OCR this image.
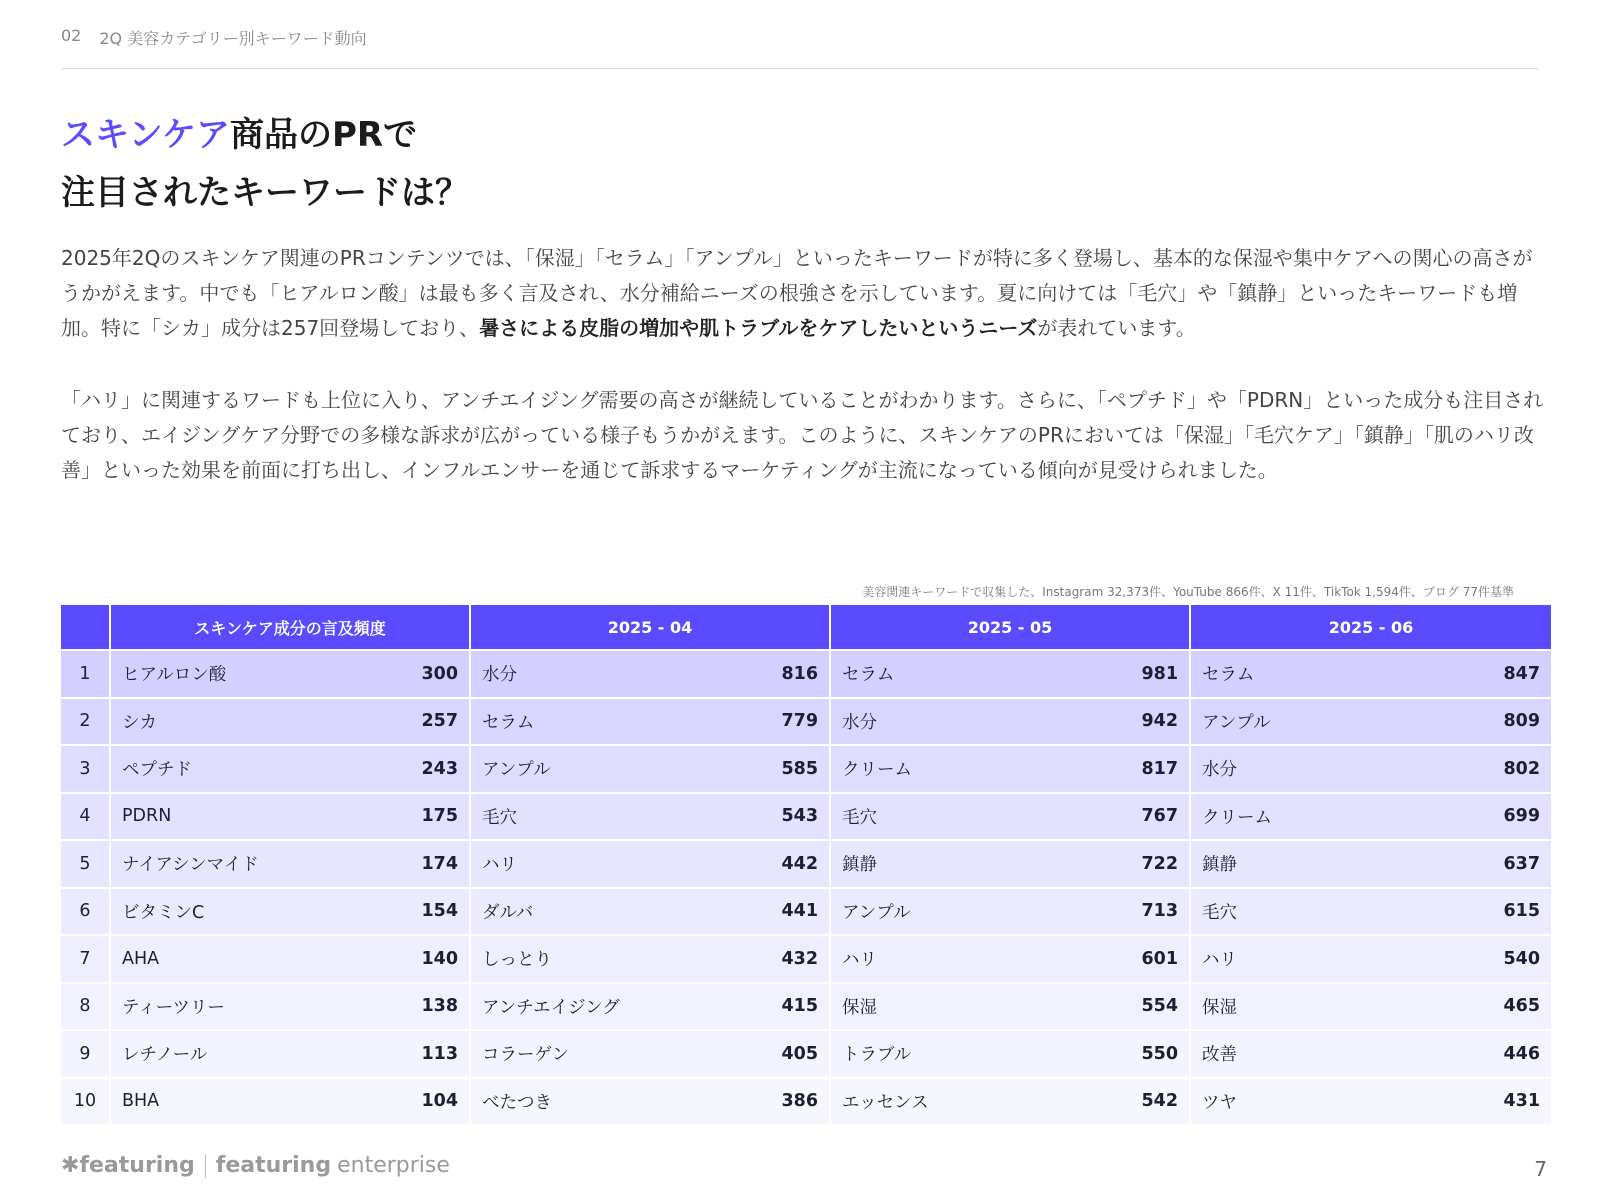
02 2Q 美容カテゴリー別キーワード動向
スキンケア商品のPRで
注目されたキーワードは？

2025年2Qのスキンケア関連のPRコンテンツでは、「保湿」「セラム」「アンプル」といったキーワードが特に多く登場し、基本的な保湿や集中ケアへの関心の高さがうかがえます。中でも「ヒアルロン酸」は最も多く言及され、水分補給ニーズの根強さを示しています。夏に向けては「毛穴」や「鎮静」といったキーワードも増加。特に「シカ」成分は257回登場しており、暑さによる皮脂の増加や肌トラブルをケアしたいというニーズが表れています。

「ハリ」に関連するワードも上位に入り、アンチエイジング需要の高さが継続していることがわかります。さらに、「ペプチド」や「PDRN」といった成分も注目されており、エイジングケア分野での多様な訴求が広がっている様子もうかがえます。このように、スキンケアのPRにおいては「保湿」「毛穴ケア」「鎮静」「肌のハリ改善」といった効果を前面に打ち出し、インフルエンサーを通じて訴求するマーケティングが主流になっている傾向が見受けられました。

美容関連キーワードで収集した、Instagram 32,373件、YouTube 866件、X 11件、TikTok 1,594件、ブログ 77件基準
	スキンケア成分の言及頻度	2025 - 04	2025 - 05	2025 - 06
1	ヒアルロン酸 300	水分 816	セラム 981	セラム 847

2	シカ 257	セラム 779	水分 942	アンプル 809

3	ペプチド 243	アンプル 585	クリーム 817	水分 802

4	PDRN 175	毛穴 543	毛穴 767	クリーム 699

5	ナイアシンマイド 174	ハリ 442	鎮静 722	鎮静 637

6	ビタミンC 154	ダルバ 441	アンプル 713	毛穴 615

7	AHA 140	しっとり 432	ハリ 601	ハリ 540

8	ティーツリー 138	アンチエイジング 415	保湿 554	保湿 465

9	レチノール 113	コラーゲン 405	トラブル 550	改善 446

10	BHA 104	べたつき 386	エッセンス 542	ツヤ 431
✱featuring featuring enterprise	7
